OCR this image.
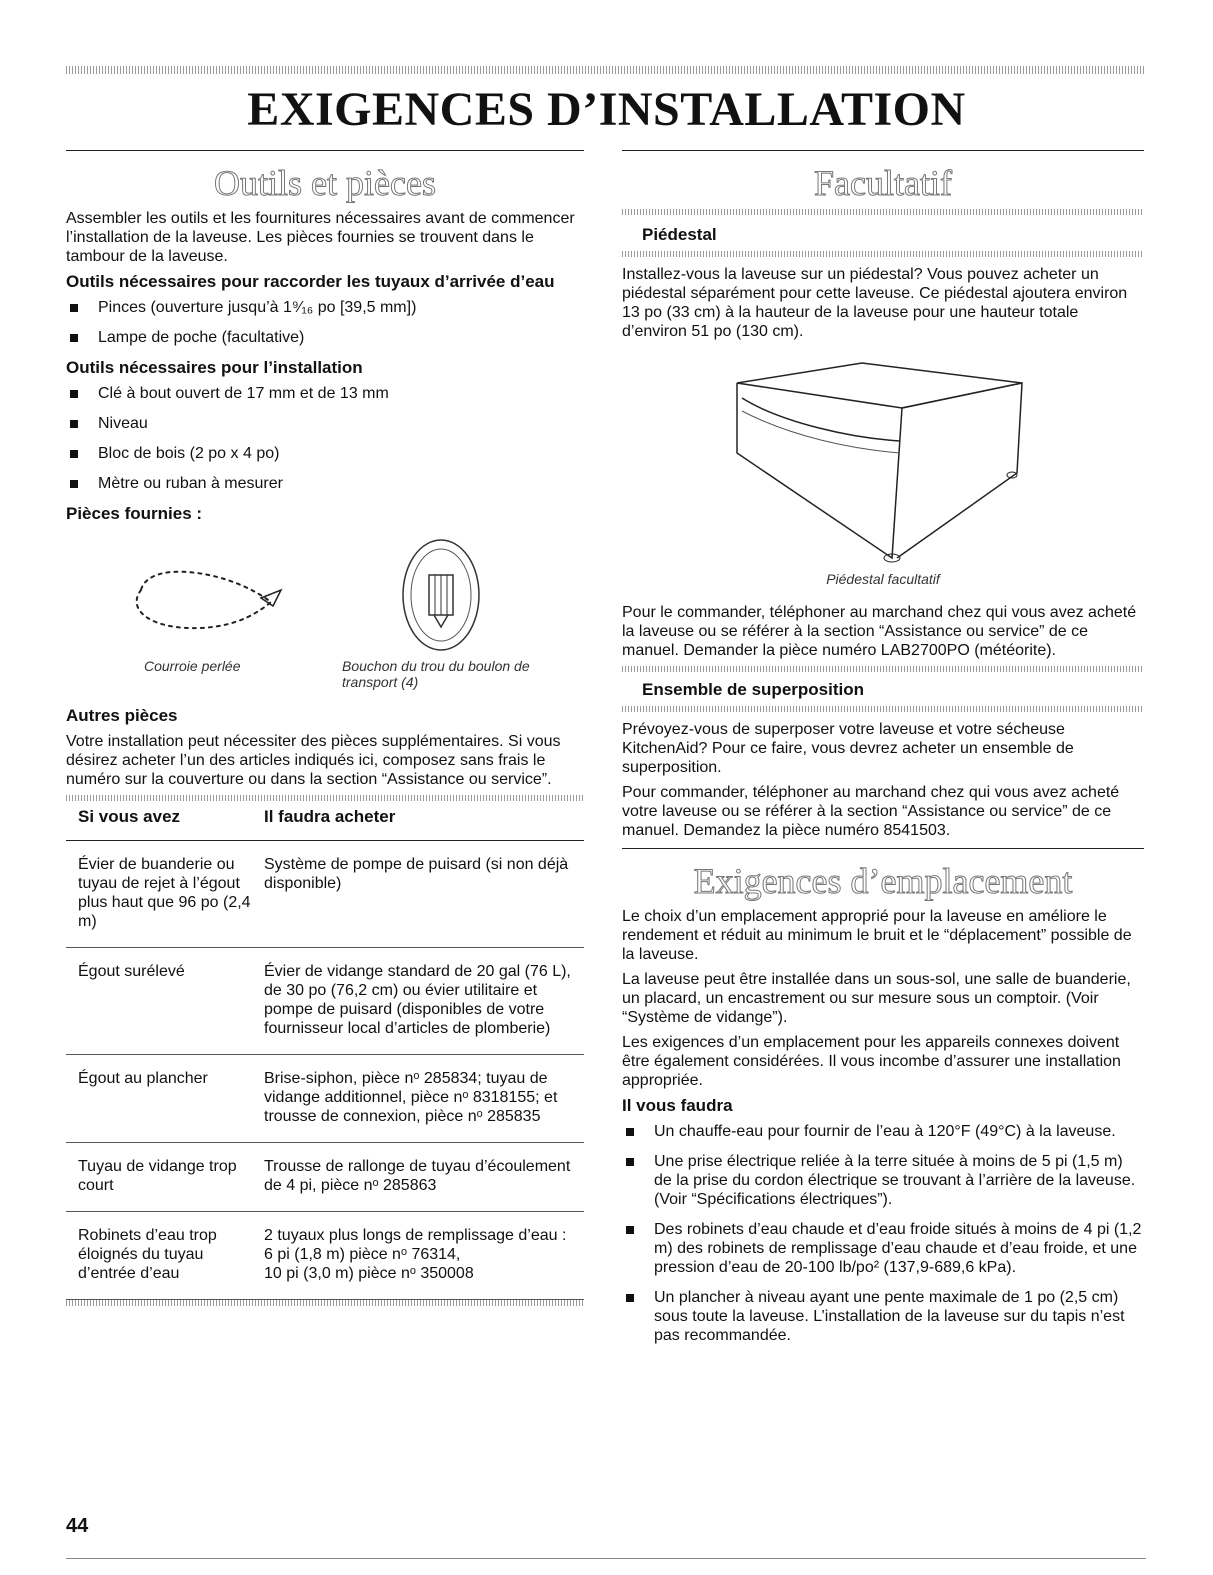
EXIGENCES D’INSTALLATION
Outils et pièces

Assembler les outils et les fournitures nécessaires avant de commencer l’installation de la laveuse. Les pièces fournies se trouvent dans le tambour de la laveuse.

Outils nécessaires pour raccorder les tuyaux d’arrivée d’eau
Pinces (ouverture jusqu’à 1⁹⁄₁₆ po [39,5 mm])
Lampe de poche (facultative)
Outils nécessaires pour l’installation
Clé à bout ouvert de 17 mm et de 13 mm
Niveau
Bloc de bois (2 po x 4 po)
Mètre ou ruban à mesurer
Pièces fournies :
Courroie perlée	Bouchon du trou du boulon de transport (4)
Autres pièces

Votre installation peut nécessiter des pièces supplémentaires. Si vous désirez acheter l’un des articles indiqués ici, composez sans frais le numéro sur la couverture ou dans la section “Assistance ou service”.

Si vous avez	Il faudra acheter
Évier de buanderie ou tuyau de rejet à l’égout plus haut que 96 po (2,4 m)	Système de pompe de puisard (si non déjà disponible)
Égout surélevé	Évier de vidange standard de 20 gal (76 L), de 30 po (76,2 cm) ou évier utilitaire et pompe de puisard (disponibles de votre fournisseur local d’articles de plomberie)
Égout au plancher	Brise-siphon, pièce nᵒ 285834; tuyau de vidange additionnel, pièce nᵒ 8318155; et trousse de connexion, pièce nᵒ 285835
Tuyau de vidange trop court	Trousse de rallonge de tuyau d’écoulement de 4 pi, pièce nᵒ 285863
Robinets d’eau trop éloignés du tuyau d’entrée d’eau	2 tuyaux plus longs de remplissage d’eau :
6 pi (1,8 m) pièce nᵒ 76314,
10 pi (3,0 m) pièce nᵒ 350008
Facultatif
Piédestal

Installez-vous la laveuse sur un piédestal? Vous pouvez acheter un piédestal séparément pour cette laveuse. Ce piédestal ajoutera environ 13 po (33 cm) à la hauteur de la laveuse pour une hauteur totale d’environ 51 po (130 cm).

Piédestal facultatif

Pour le commander, téléphoner au marchand chez qui vous avez acheté la laveuse ou se référer à la section “Assistance ou service” de ce manuel. Demander la pièce numéro LAB2700PO (météorite).

Ensemble de superposition

Prévoyez-vous de superposer votre laveuse et votre sécheuse KitchenAid? Pour ce faire, vous devrez acheter un ensemble de superposition.

Pour commander, téléphoner au marchand chez qui vous avez acheté votre laveuse ou se référer à la section “Assistance ou service” de ce manuel. Demandez la pièce numéro 8541503.

Exigences d’emplacement

Le choix d’un emplacement approprié pour la laveuse en améliore le rendement et réduit au minimum le bruit et le “déplacement” possible de la laveuse.

La laveuse peut être installée dans un sous-sol, une salle de buanderie, un placard, un encastrement ou sur mesure sous un comptoir. (Voir “Système de vidange”).

Les exigences d’un emplacement pour les appareils connexes doivent être également considérées. Il vous incombe d’assurer une installation appropriée.

Il vous faudra
Un chauffe-eau pour fournir de l’eau à 120°F (49°C) à la laveuse.
Une prise électrique reliée à la terre située à moins de 5 pi (1,5 m) de la prise du cordon électrique se trouvant à l’arrière de la laveuse. (Voir “Spécifications électriques”).
Des robinets d’eau chaude et d’eau froide situés à moins de 4 pi (1,2 m) des robinets de remplissage d’eau chaude et d’eau froide, et une pression d’eau de 20-100 lb/po² (137,9-689,6 kPa).
Un plancher à niveau ayant une pente maximale de 1 po (2,5 cm) sous toute la laveuse. L’installation de la laveuse sur du tapis n’est pas recommandée.
44
